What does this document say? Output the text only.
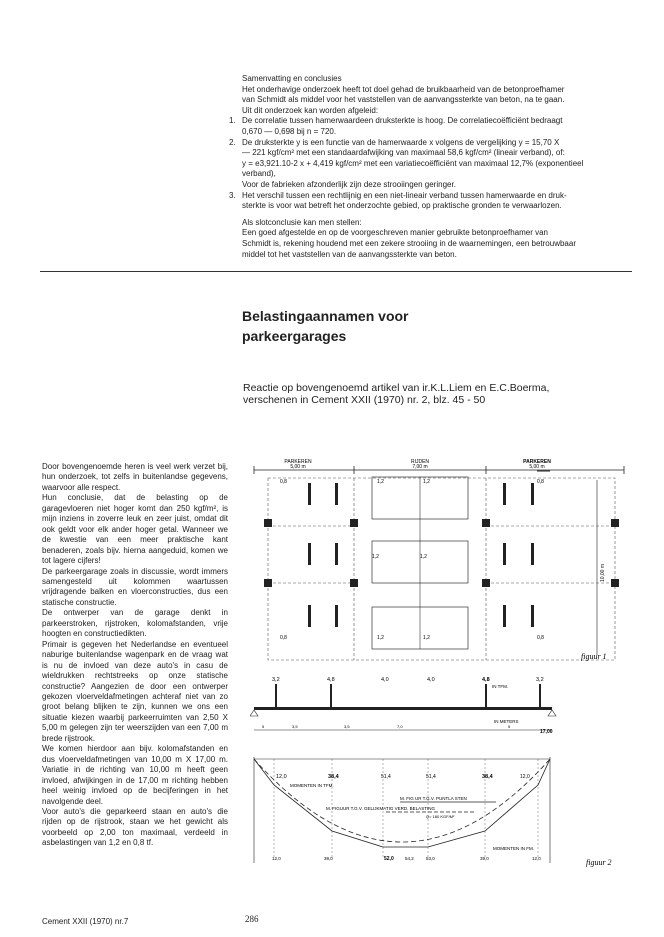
Samenvatting en conclusies

Het onderhavige onderzoek heeft tot doel gehad de bruikbaarheid van de betonproefhamer

van Schmidt als middel voor het vaststellen van de aanvangssterkte van beton, na te gaan.

Uit dit onderzoek kan worden afgeleid:

1. De correlatie tussen hamerwaardeen druksterkte is hoog. De correlatiecoëfficiënt bedraagt
0,670 — 0,698 bij n = 720.
2. De druksterkte y is een functie van de hamerwaarde x volgens de vergelijking y = 15,70 X
— 221 kgf/cm² met een standaardafwijking van maximaal 58,6 kgf/cm² (lineair verband), of:
y = e3,921.10-2 x + 4,419 kgf/cm² met een variatiecoëfficiënt van maximaal 12,7% (exponentieel
verband),
Voor de fabrieken afzonderlijk zijn deze strooiingen geringer.
3. Het verschil tussen een rechtlijnig en een niet-lineair verband tussen hamerwaarde en druk-
sterkte is voor wat betreft het onderzochte gebied, op praktische gronden te verwaarlozen.

Als slotconclusie kan men stellen:

Een goed afgestelde en op de voorgeschreven manier gebruikte betonproefhamer van

Schmidt is, rekening houdend met een zekere strooiing in de waarnemingen, een betrouwbaar

middel tot het vaststellen van de aanvangssterkte van beton.

Belastingaannamen voor
parkeergarages
Reactie op bovengenoemd artikel van ir.K.L.Liem en E.C.Boerma,
verschenen in Cement XXII (1970) nr. 2, blz. 45 - 50

Door bovengenoemde heren is veel werk verzet bij, hun onderzoek, tot zelfs in buitenlandse gegevens, waarvoor alle respect.

Hun conclusie, dat de belasting op de garagevloeren niet hoger komt dan 250 kgf/m², is mijn inziens in zoverre leuk en zeer juist, omdat dit ook geldt voor elk ander hoger getal. Wanneer we de kwestie van een meer praktische kant benaderen, zoals bijv. hierna aangeduid, komen we tot lagere cijfers!

De parkeergarage zoals in discussie, wordt immers samengesteld uit kolommen waartussen vrijdragende balken en vloerconstructies, dus een statische constructie.

De ontwerper van de garage denkt in parkeerstroken, rijstroken, kolomafstanden, vrije hoogten en constructiedikten.

Primair is gegeven het Nederlandse en eventueel naburige buitenlandse wagenpark en de vraag wat is nu de invloed van deze auto's in casu de wieldrukken rechtstreeks op onze statische constructie? Aangezien de door een ontwerper gekozen vloerveldafmetingen achteraf niet van zo groot belang blijken te zijn, kunnen we ons een situatie kiezen waarbij parkeerruimten van 2,50 X 5,00 m gelegen zijn ter weerszijden van een 7,00 m brede rijstrook.

We komen hierdoor aan bijv. kolomafstanden en dus vloerveldafmetingen van 10,00 m X 17,00 m. Variatie in de richting van 10,00 m heeft geen invloed, afwijkingen in de 17,00 m richting hebben heel weinig invloed op de becijferingen in het navolgende deel.

Voor auto's die geparkeerd staan en auto's die rijden op de rijstrook, staan we het gewicht als voorbeeld op 2,00 ton maximaal, verdeeld in asbelastingen van 1,2 en 0,8 tf.

PARKEREN
5,00 m
RIJDEN
7,00 m
PARKEREN
5,00 m
0,8	1,2	1,2	0,8
1,2	1,2
0,8	1,2	1,2	0,8
10,00 m
figuur 1
3,2	4,8	4,0	4,0	4,8	3,2
IN TFM.
IN METERS
5	3,5	3,5	7,0	5
17,00
12,0	38,4	51,4	51,4	38,4	12,0
MOMENTEN IN TFM.
M. FIG UR T.G.V. PUNTLA STEN
M. FIGUUR T.G.V. GELIJKMATIG VERD. BELASTING
Q= 180 KGF/M²
MOMENTEN IN FM.
12,0	39,0	52,0	54,2	53,0	39,0	12,0	figuur 2
Cement XXII (1970) nr.7	286
